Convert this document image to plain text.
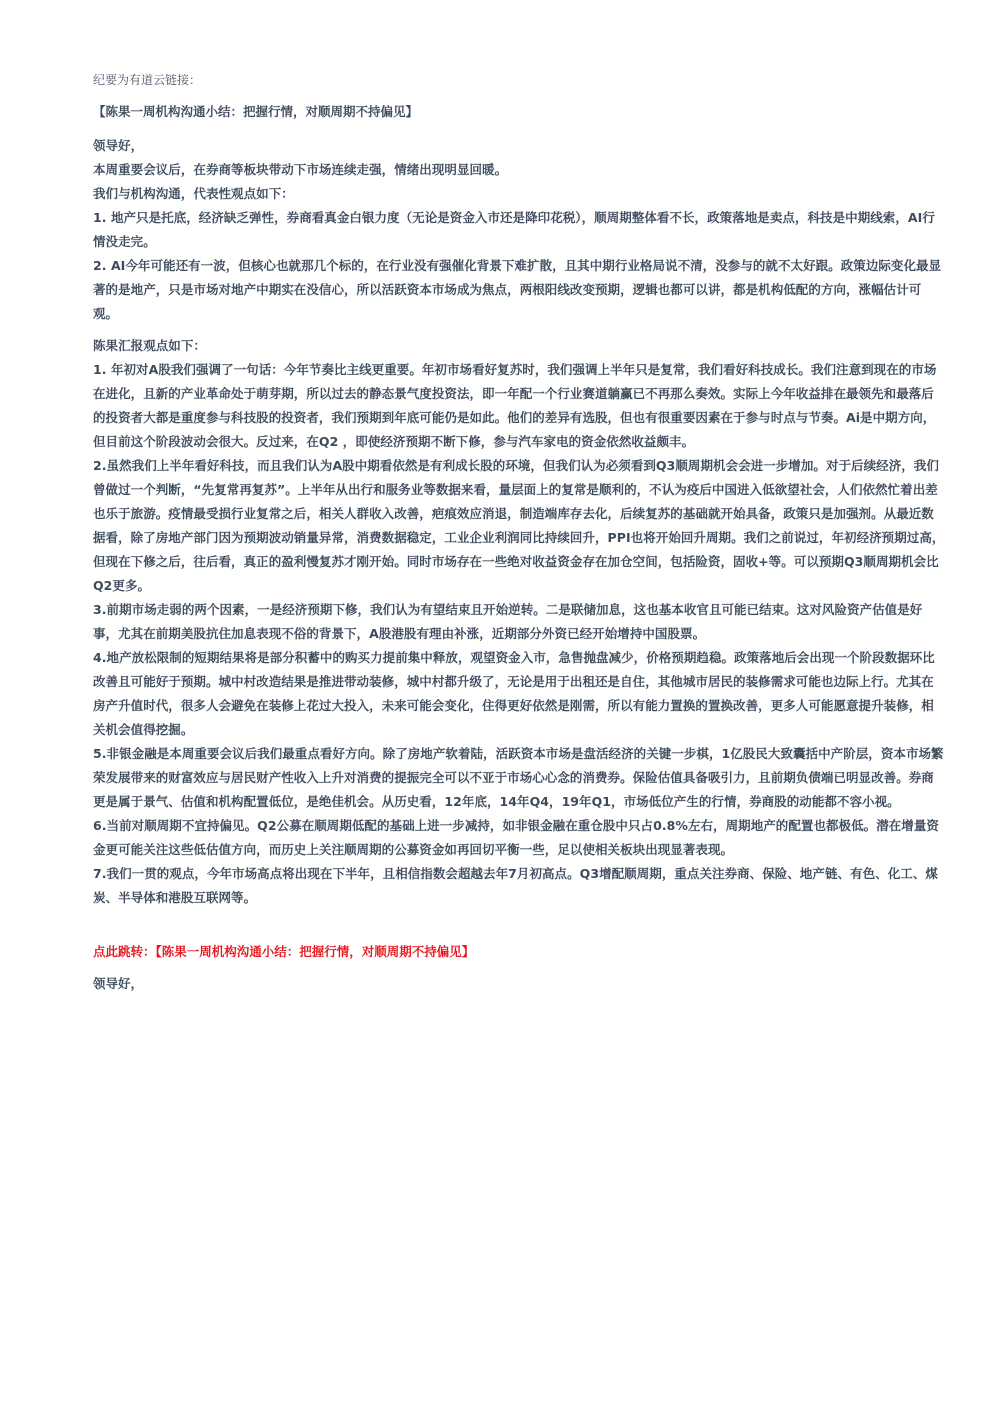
纪要为有道云链接：

【陈果一周机构沟通小结：把握行情，对顺周期不持偏见】

领导好，

本周重要会议后，在券商等板块带动下市场连续走强，情绪出现明显回暖。

我们与机构沟通，代表性观点如下：

1. 地产只是托底，经济缺乏弹性，券商看真金白银力度（无论是资金入市还是降印花税），顺周期整体看不长，政策落地是卖点，科技是中期线索，AI行情没走完。

2. AI今年可能还有一波，但核心也就那几个标的，在行业没有强催化背景下难扩散，且其中期行业格局说不清，没参与的就不太好跟。政策边际变化最显著的是地产，只是市场对地产中期实在没信心，所以活跃资本市场成为焦点，两根阳线改变预期，逻辑也都可以讲，都是机构低配的方向，涨幅估计可观。

陈果汇报观点如下：

1. 年初对A股我们强调了一句话：今年节奏比主线更重要。年初市场看好复苏时，我们强调上半年只是复常，我们看好科技成长。我们注意到现在的市场在进化，且新的产业革命处于萌芽期，所以过去的静态景气度投资法，即一年配一个行业赛道躺赢已不再那么奏效。实际上今年收益排在最领先和最落后的投资者大都是重度参与科技股的投资者，我们预期到年底可能仍是如此。他们的差异有选股，但也有很重要因素在于参与时点与节奏。Ai是中期方向，但目前这个阶段波动会很大。反过来，在Q2 ，即使经济预期不断下修，参与汽车家电的资金依然收益颇丰。

2.虽然我们上半年看好科技，而且我们认为A股中期看依然是有利成长股的环境，但我们认为必须看到Q3顺周期机会会进一步增加。对于后续经济，我们曾做过一个判断，“先复常再复苏”。上半年从出行和服务业等数据来看，量层面上的复常是顺利的，不认为疫后中国进入低欲望社会，人们依然忙着出差也乐于旅游。疫情最受损行业复常之后，相关人群收入改善，疤痕效应消退，制造端库存去化，后续复苏的基础就开始具备，政策只是加强剂。从最近数据看，除了房地产部门因为预期波动销量异常，消费数据稳定，工业企业利润同比持续回升，PPI也将开始回升周期。我们之前说过，年初经济预期过高，但现在下修之后，往后看，真正的盈利慢复苏才刚开始。同时市场存在一些绝对收益资金存在加仓空间，包括险资，固收+等。可以预期Q3顺周期机会比Q2更多。

3.前期市场走弱的两个因素，一是经济预期下修，我们认为有望结束且开始逆转。二是联储加息，这也基本收官且可能已结束。这对风险资产估值是好事，尤其在前期美股抗住加息表现不俗的背景下，A股港股有理由补涨，近期部分外资已经开始增持中国股票。

4.地产放松限制的短期结果将是部分积蓄中的购买力提前集中释放，观望资金入市，急售抛盘减少，价格预期趋稳。政策落地后会出现一个阶段数据环比改善且可能好于预期。城中村改造结果是推进带动装修，城中村都升级了，无论是用于出租还是自住，其他城市居民的装修需求可能也边际上行。尤其在房产升值时代，很多人会避免在装修上花过大投入，未来可能会变化，住得更好依然是刚需，所以有能力置换的置换改善，更多人可能愿意提升装修，相关机会值得挖掘。

5.非银金融是本周重要会议后我们最重点看好方向。除了房地产软着陆，活跃资本市场是盘活经济的关键一步棋，1亿股民大致囊括中产阶层，资本市场繁荣发展带来的财富效应与居民财产性收入上升对消费的提振完全可以不亚于市场心心念的消费券。保险估值具备吸引力，且前期负债端已明显改善。券商更是属于景气、估值和机构配置低位，是绝佳机会。从历史看，12年底，14年Q4，19年Q1，市场低位产生的行情，券商股的动能都不容小视。

6.当前对顺周期不宜持偏见。Q2公募在顺周期低配的基础上进一步减持，如非银金融在重仓股中只占0.8%左右，周期地产的配置也都极低。潜在增量资金更可能关注这些低估值方向，而历史上关注顺周期的公募资金如再回切平衡一些，足以使相关板块出现显著表现。

7.我们一贯的观点，今年市场高点将出现在下半年，且相信指数会超越去年7月初高点。Q3增配顺周期，重点关注券商、保险、地产链、有色、化工、煤炭、半导体和港股互联网等。

点此跳转：【陈果一周机构沟通小结：把握行情，对顺周期不持偏见】

领导好，
